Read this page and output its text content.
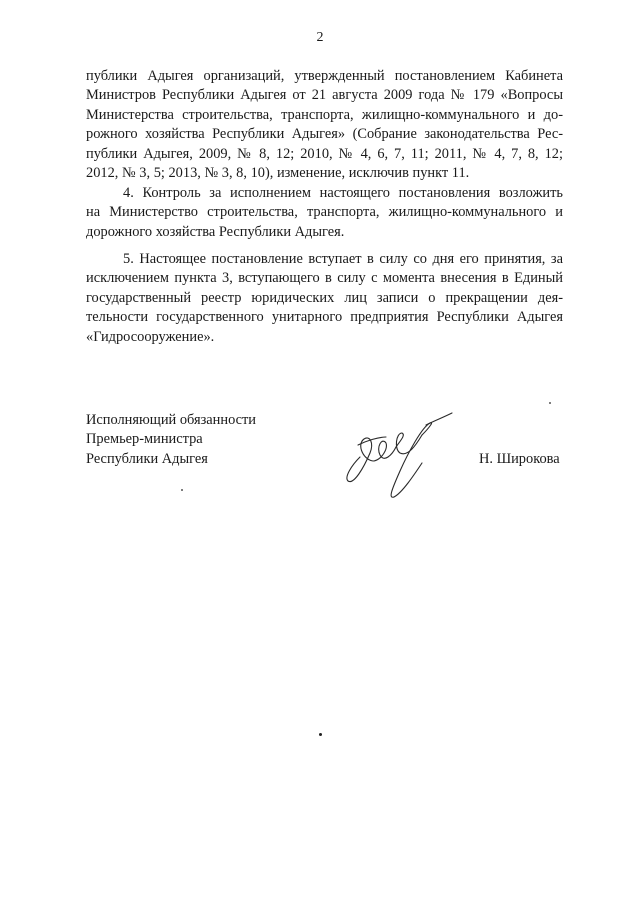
2
публики Адыгея организаций, утвержденный постановлением Кабинета
Министров Республики Адыгея от 21 августа 2009 года № 179 «Вопросы
Министерства строительства, транспорта, жилищно-коммунального и до-
рожного хозяйства Республики Адыгея» (Собрание законодательства Рес-
публики Адыгея, 2009, № 8, 12; 2010, № 4, 6, 7, 11; 2011, № 4, 7, 8, 12;
2012, № 3, 5; 2013, № 3, 8, 10), изменение, исключив пункт 11.
4. Контроль за исполнением настоящего постановления возложить
на Министерство строительства, транспорта, жилищно-коммунального и
дорожного хозяйства Республики Адыгея.
5. Настоящее постановление вступает в силу со дня его принятия, за
исключением пункта 3, вступающего в силу с момента внесения в Единый
государственный реестр юридических лиц записи о прекращении дея-
тельности государственного унитарного предприятия Республики Адыгея
«Гидросооружение».
Исполняющий обязанности
Премьер-министра
Республики Адыгея	Н. Широкова
